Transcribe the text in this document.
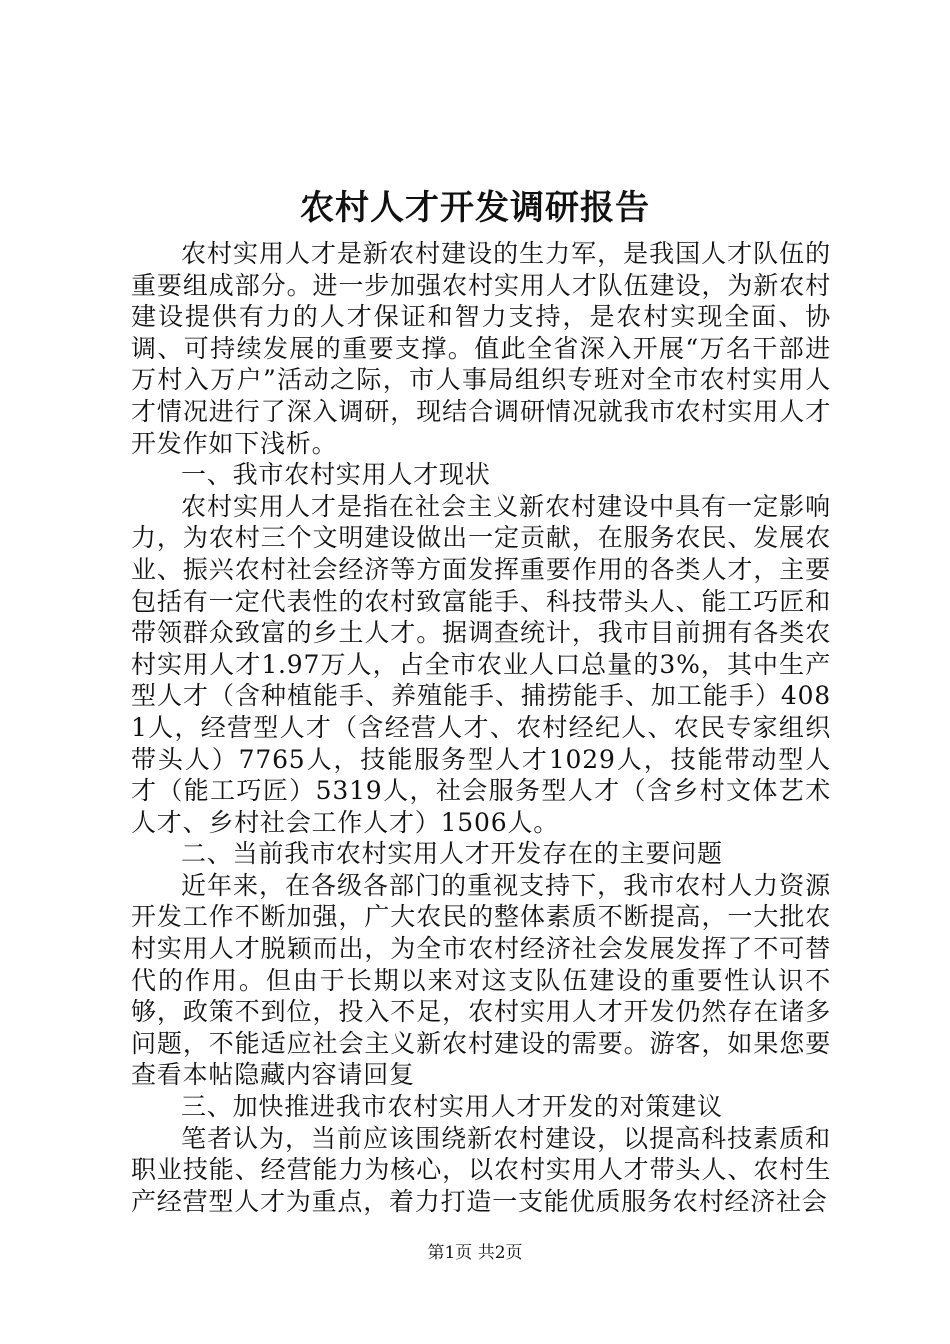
农村人才开发调研报告

农村实用人才是新农村建设的生力军，是我国人才队伍的重要组成部分。进一步加强农村实用人才队伍建设，为新农村建设提供有力的人才保证和智力支持，是农村实现全面、协调、可持续发展的重要支撑。值此全省深入开展“万名干部进万村入万户”活动之际，市人事局组织专班对全市农村实用人才情况进行了深入调研，现结合调研情况就我市农村实用人才开发作如下浅析。

一、我市农村实用人才现状

农村实用人才是指在社会主义新农村建设中具有一定影响力，为农村三个文明建设做出一定贡献，在服务农民、发展农业、振兴农村社会经济等方面发挥重要作用的各类人才，主要包括有一定代表性的农村致富能手、科技带头人、能工巧匠和带领群众致富的乡土人才。据调查统计，我市目前拥有各类农村实用人才1.97万人，占全市农业人口总量的3%，其中生产型人才（含种植能手、养殖能手、捕捞能手、加工能手）4081人，经营型人才（含经营人才、农村经纪人、农民专家组织带头人）7765人，技能服务型人才1029人，技能带动型人才（能工巧匠）5319人，社会服务型人才（含乡村文体艺术人才、乡村社会工作人才）1506人。

二、当前我市农村实用人才开发存在的主要问题

近年来，在各级各部门的重视支持下，我市农村人力资源开发工作不断加强，广大农民的整体素质不断提高，一大批农村实用人才脱颖而出，为全市农村经济社会发展发挥了不可替代的作用。但由于长期以来对这支队伍建设的重要性认识不够，政策不到位，投入不足，农村实用人才开发仍然存在诸多问题，不能适应社会主义新农村建设的需要。游客，如果您要查看本帖隐藏内容请回复

三、加快推进我市农村实用人才开发的对策建议

笔者认为，当前应该围绕新农村建设，以提高科技素质和职业技能、经营能力为核心，以农村实用人才带头人、农村生产经营型人才为重点，着力打造一支能优质服务农村经济社会

第1页 共2页
